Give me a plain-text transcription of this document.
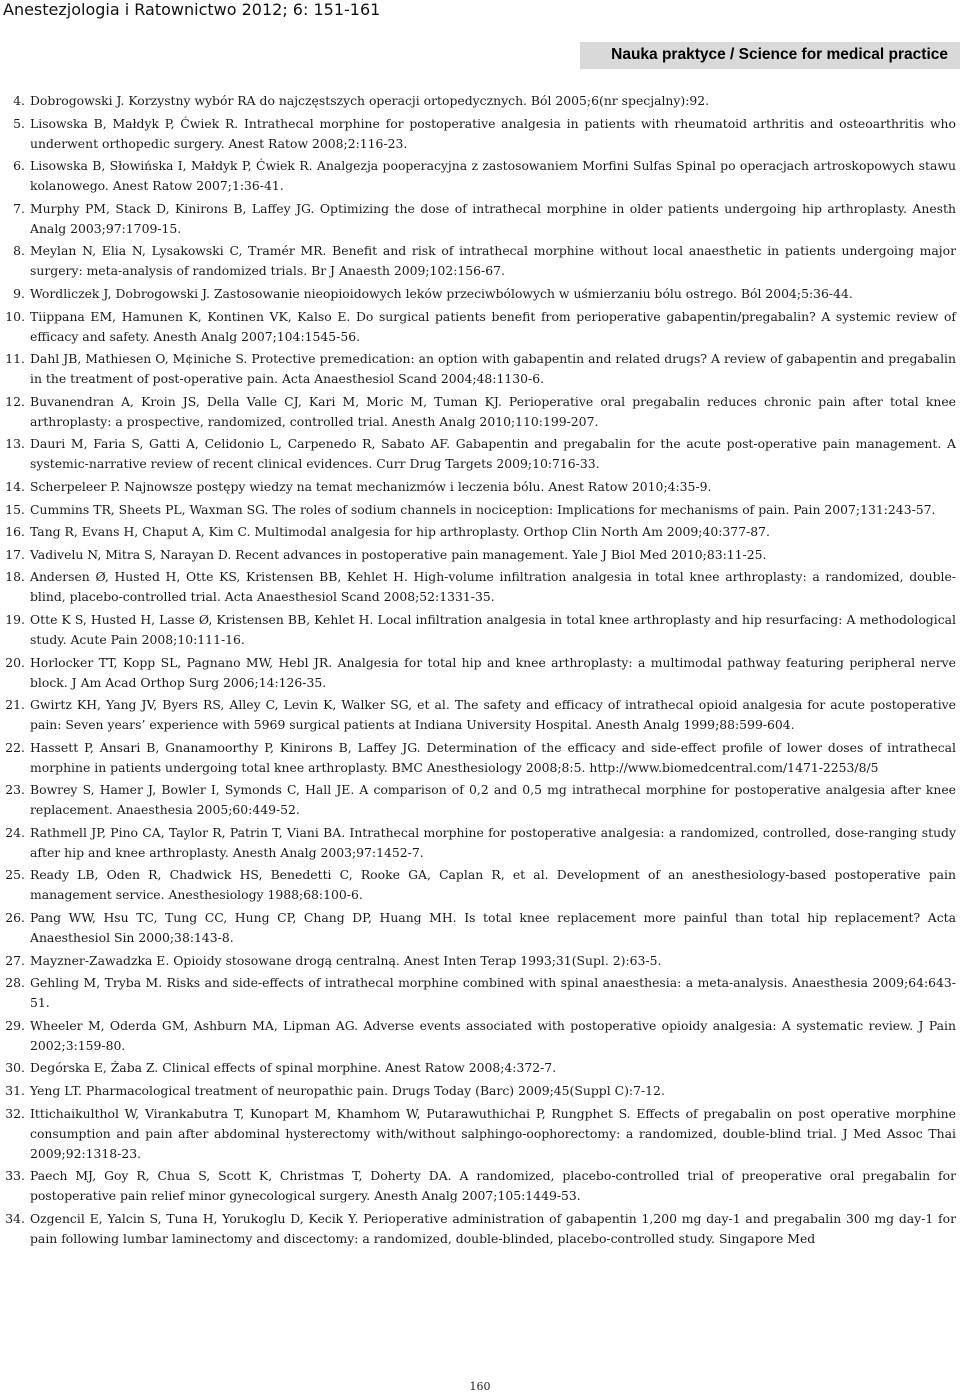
Anestezjologia i Ratownictwo 2012; 6: 151-161
Nauka praktyce / Science for medical practice
4. Dobrogowski J. Korzystny wybór RA do najczęstszych operacji ortopedycznych. Ból 2005;6(nr specjalny):92.
5. Lisowska B, Małdyk P, Ćwiek R. Intrathecal morphine for postoperative analgesia in patients with rheumatoid arthritis and osteoarthritis who underwent orthopedic surgery. Anest Ratow 2008;2:116-23.
6. Lisowska B, Słowińska I, Małdyk P, Ćwiek R. Analgezja pooperacyjna z zastosowaniem Morfini Sulfas Spinal po operacjach artroskopowych stawu kolanowego. Anest Ratow 2007;1:36-41.
7. Murphy PM, Stack D, Kinirons B, Laffey JG. Optimizing the dose of intrathecal morphine in older patients undergoing hip arthroplasty. Anesth Analg 2003;97:1709-15.
8. Meylan N, Elia N, Lysakowski C, Tramér MR. Benefit and risk of intrathecal morphine without local anaesthetic in patients undergoing major surgery: meta-analysis of randomized trials. Br J Anaesth 2009;102:156-67.
9. Wordliczek J, Dobrogowski J. Zastosowanie nieopioidowych leków przeciwbólowych w uśmierzaniu bólu ostrego. Ból 2004;5:36-44.
10. Tiippana EM, Hamunen K, Kontinen VK, Kalso E. Do surgical patients benefit from perioperative gabapentin/pregabalin? A systemic review of efficacy and safety. Anesth Analg 2007;104:1545-56.
11. Dahl JB, Mathiesen O, M¢iniche S. Protective premedication: an option with gabapentin and related drugs? A review of gabapentin and pregabalin in the treatment of post-operative pain. Acta Anaesthesiol Scand 2004;48:1130-6.
12. Buvanendran A, Kroin JS, Della Valle CJ, Kari M, Moric M, Tuman KJ. Perioperative oral pregabalin reduces chronic pain after total knee arthroplasty: a prospective, randomized, controlled trial. Anesth Analg 2010;110:199-207.
13. Dauri M, Faria S, Gatti A, Celidonio L, Carpenedo R, Sabato AF. Gabapentin and pregabalin for the acute post-operative pain management. A systemic-narrative review of recent clinical evidences. Curr Drug Targets 2009;10:716-33.
14. Scherpeleer P. Najnowsze postępy wiedzy na temat mechanizmów i leczenia bólu. Anest Ratow 2010;4:35-9.
15. Cummins TR, Sheets PL, Waxman SG. The roles of sodium channels in nociception: Implications for mechanisms of pain. Pain 2007;131:243-57.
16. Tang R, Evans H, Chaput A, Kim C. Multimodal analgesia for hip arthroplasty. Orthop Clin North Am 2009;40:377-87.
17. Vadivelu N, Mitra S, Narayan D. Recent advances in postoperative pain management. Yale J Biol Med 2010;83:11-25.
18. Andersen Ø, Husted H, Otte KS, Kristensen BB, Kehlet H. High-volume infiltration analgesia in total knee arthroplasty: a randomized, double-blind, placebo-controlled trial. Acta Anaesthesiol Scand 2008;52:1331-35.
19. Otte K S, Husted H, Lasse Ø, Kristensen BB, Kehlet H. Local infiltration analgesia in total knee arthroplasty and hip resurfacing: A methodological study. Acute Pain 2008;10:111-16.
20. Horlocker TT, Kopp SL, Pagnano MW, Hebl JR. Analgesia for total hip and knee arthroplasty: a multimodal pathway featuring peripheral nerve block. J Am Acad Orthop Surg 2006;14:126-35.
21. Gwirtz KH, Yang JV, Byers RS, Alley C, Levin K, Walker SG, et al. The safety and efficacy of intrathecal opioid analgesia for acute postoperative pain: Seven years’ experience with 5969 surgical patients at Indiana University Hospital. Anesth Analg 1999;88:599-604.
22. Hassett P, Ansari B, Gnanamoorthy P, Kinirons B, Laffey JG. Determination of the efficacy and side-effect profile of lower doses of intrathecal morphine in patients undergoing total knee arthroplasty. BMC Anesthesiology 2008;8:5. http://www.biomedcentral.com/1471-2253/8/5
23. Bowrey S, Hamer J, Bowler I, Symonds C, Hall JE. A comparison of 0,2 and 0,5 mg intrathecal morphine for postoperative analgesia after knee replacement. Anaesthesia 2005;60:449-52.
24. Rathmell JP, Pino CA, Taylor R, Patrin T, Viani BA. Intrathecal morphine for postoperative analgesia: a randomized, controlled, dose-ranging study after hip and knee arthroplasty. Anesth Analg 2003;97:1452-7.
25. Ready LB, Oden R, Chadwick HS, Benedetti C, Rooke GA, Caplan R, et al. Development of an anesthesiology-based postoperative pain management service. Anesthesiology 1988;68:100-6.
26. Pang WW, Hsu TC, Tung CC, Hung CP, Chang DP, Huang MH. Is total knee replacement more painful than total hip replacement? Acta Anaesthesiol Sin 2000;38:143-8.
27. Mayzner-Zawadzka E. Opioidy stosowane drogą centralną. Anest Inten Terap 1993;31(Supl. 2):63-5.
28. Gehling M, Tryba M. Risks and side-effects of intrathecal morphine combined with spinal anaesthesia: a meta-analysis. Anaesthesia 2009;64:643-51.
29. Wheeler M, Oderda GM, Ashburn MA, Lipman AG. Adverse events associated with postoperative opioidy analgesia: A systematic review. J Pain 2002;3:159-80.
30. Degórska E, Żaba Z. Clinical effects of spinal morphine. Anest Ratow 2008;4:372-7.
31. Yeng LT. Pharmacological treatment of neuropathic pain. Drugs Today (Barc) 2009;45(Suppl C):7-12.
32. Ittichaikulthol W, Virankabutra T, Kunopart M, Khamhom W, Putarawuthichai P, Rungphet S. Effects of pregabalin on post operative morphine consumption and pain after abdominal hysterectomy with/without salphingo-oophorectomy: a randomized, double-blind trial. J Med Assoc Thai 2009;92:1318-23.
33. Paech MJ, Goy R, Chua S, Scott K, Christmas T, Doherty DA. A randomized, placebo-controlled trial of preoperative oral pregabalin for postoperative pain relief minor gynecological surgery. Anesth Analg 2007;105:1449-53.
34. Ozgencil E, Yalcin S, Tuna H, Yorukoglu D, Kecik Y. Perioperative administration of gabapentin 1,200 mg day-1 and pregabalin 300 mg day-1 for pain following lumbar laminectomy and discectomy: a randomized, double-blinded, placebo-controlled study. Singapore Med
160
